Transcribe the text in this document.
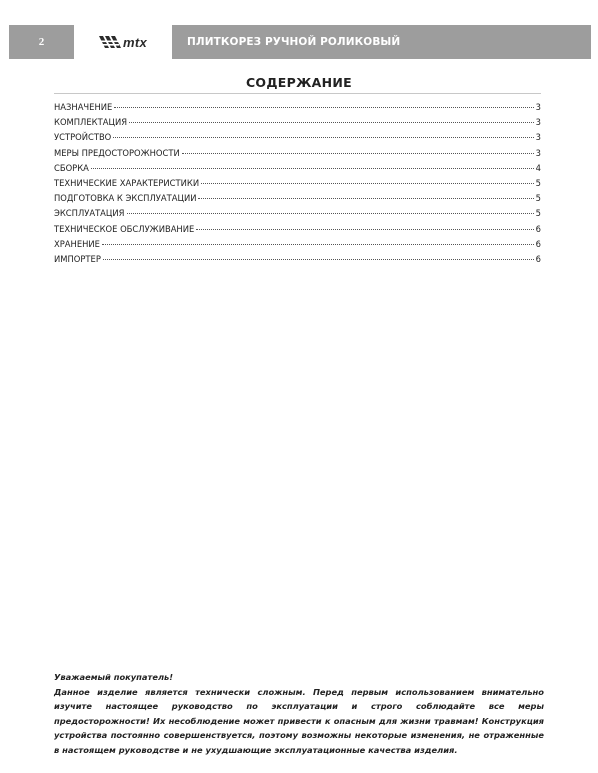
2	mtx	ПЛИТКОРЕЗ РУЧНОЙ РОЛИКОВЫЙ
СОДЕРЖАНИЕ
НАЗНАЧЕНИЕ	3
КОМПЛЕКТАЦИЯ	3
УСТРОЙСТВО	3
МЕРЫ ПРЕДОСТОРОЖНОСТИ	3
СБОРКА	4
ТЕХНИЧЕСКИЕ ХАРАКТЕРИСТИКИ	5
ПОДГОТОВКА К ЭКСПЛУАТАЦИИ	5
ЭКСПЛУАТАЦИЯ	5
ТЕХНИЧЕСКОЕ ОБСЛУЖИВАНИЕ	6
ХРАНЕНИЕ	6
ИМПОРТЕР	6

Уважаемый покупатель!

Данное изделие является технически сложным. Перед первым использованием внимательно изучите настоящее руководство по эксплуатации и строго соблюдайте все меры предосторожности! Их несоблюдение может привести к опасным для жизни травмам! Конструкция устройства постоянно совершенствуется, поэтому возможны некоторые изменения, не отраженные в настоящем руководстве и не ухудшающие эксплуатационные качества изделия.
